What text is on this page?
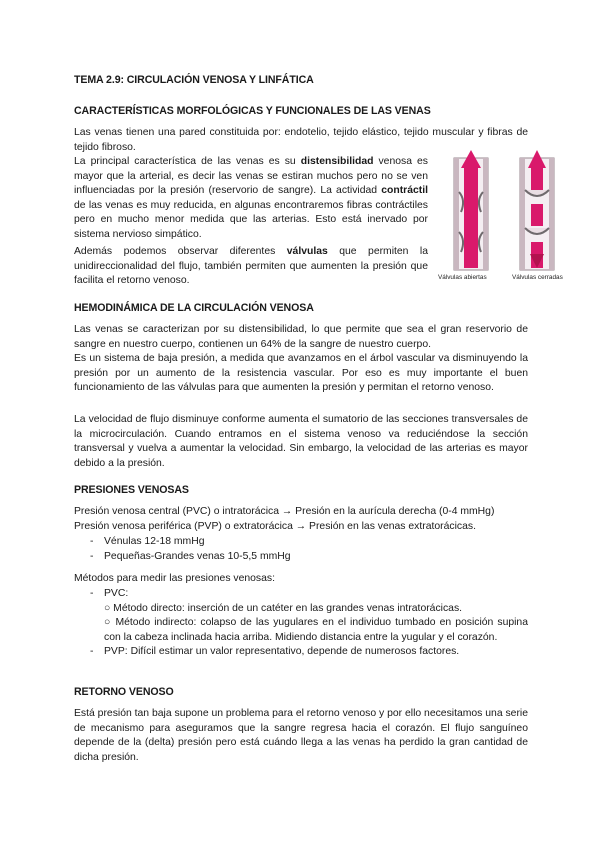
TEMA 2.9: CIRCULACIÓN VENOSA Y LINFÁTICA
CARACTERÍSTICAS MORFOLÓGICAS Y FUNCIONALES DE LAS VENAS
Las venas tienen una pared constituida por: endotelio, tejido elástico, tejido muscular y fibras de tejido fibroso.
La principal característica de las venas es su distensibilidad venosa es mayor que la arterial, es decir las venas se estiran muchos pero no se ven influenciadas por la presión (reservorio de sangre). La actividad contráctil de las venas es muy reducida, en algunas encontraremos fibras contráctiles pero en mucho menor medida que las arterias. Esto está inervado por sistema nervioso simpático.
Además podemos observar diferentes válvulas que permiten la unidireccionalidad del flujo, también permiten que aumenten la presión que facilita el retorno venoso.	Válvulas abiertas	Válvulas cerradas
HEMODINÁMICA DE LA CIRCULACIÓN VENOSA
Las venas se caracterizan por su distensibilidad, lo que permite que sea el gran reservorio de sangre en nuestro cuerpo, contienen un 64% de la sangre de nuestro cuerpo.
Es un sistema de baja presión, a medida que avanzamos en el árbol vascular va disminuyendo la presión por un aumento de la resistencia vascular. Por eso es muy importante el buen funcionamiento de las válvulas para que aumenten la presión y permitan el retorno venoso.
La velocidad de flujo disminuye conforme aumenta el sumatorio de las secciones transversales de la microcirculación. Cuando entramos en el sistema venoso va reduciéndose la sección transversal y vuelva a aumentar la velocidad. Sin embargo, la velocidad de las arterias es mayor debido a la presión.
PRESIONES VENOSAS
Presión venosa central (PVC) o intratorácica → Presión en la aurícula derecha (0-4 mmHg)
Presión venosa periférica (PVP) o extratorácica → Presión en las venas extratorácicas.
- Vénulas 12-18 mmHg
- Pequeñas-Grandes venas 10-5,5 mmHg
Métodos para medir las presiones venosas:
- PVC:
○ Método directo: inserción de un catéter en las grandes venas intratorácicas.
○ Método indirecto: colapso de las yugulares en el individuo tumbado en posición supina con la cabeza inclinada hacia arriba. Midiendo distancia entre la yugular y el corazón.
- PVP: Difícil estimar un valor representativo, depende de numerosos factores.
RETORNO VENOSO
Está presión tan baja supone un problema para el retorno venoso y por ello necesitamos una serie de mecanismo para aseguramos que la sangre regresa hacia el corazón. El flujo sanguíneo depende de la (delta) presión pero está cuándo llega a las venas ha perdido la gran cantidad de dicha presión.
